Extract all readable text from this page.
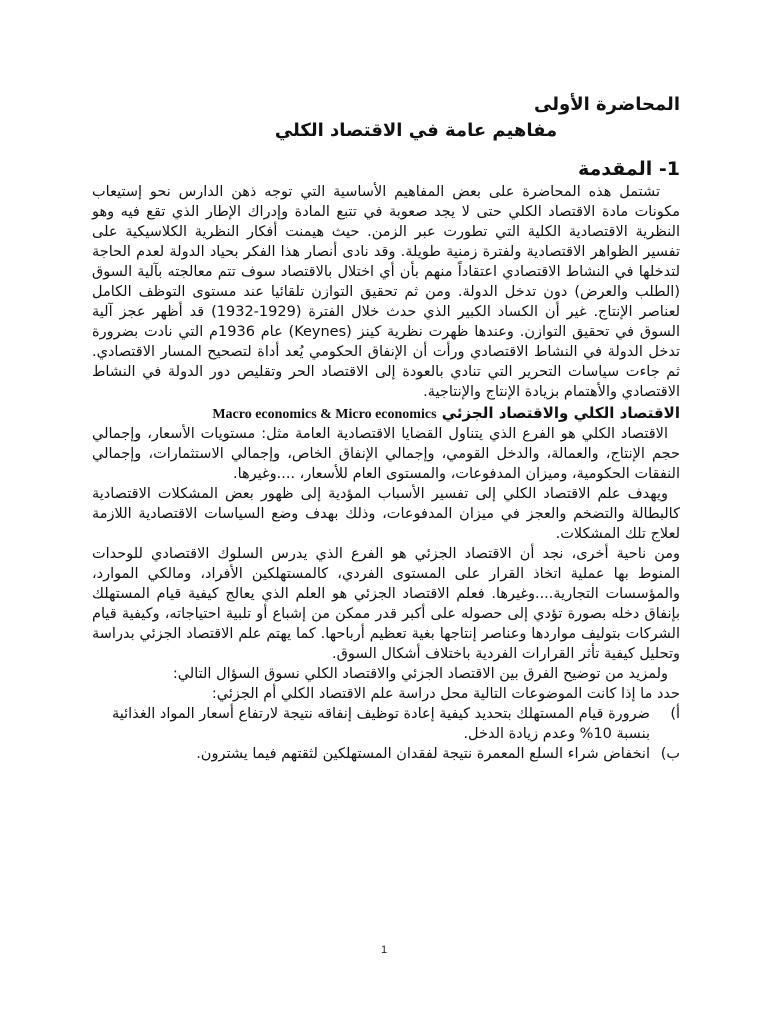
المحاضرة الأولى

مفاهيم عامة في الاقتصاد الكلي

1- المقدمة

تشتمل هذه المحاضرة على بعض المفاهيم الأساسية التي توجه ذهن الدارس نحو إستيعاب مكونات مادة الاقتصاد الكلي حتى لا يجد صعوبة في تتبع المادة وإدراك الإطار الذي تقع فيه وهو النظرية الاقتصادية الكلية التي تطورت عبر الزمن. حيث هيمنت أفكار النظرية الكلاسيكية على تفسير الظواهر الاقتصادية ولفترة زمنية طويلة. وقد نادى أنصار هذا الفكر بحياد الدولة لعدم الحاجة لتدخلها في النشاط الاقتصادي اعتقاداً منهم بأن أي اختلال بالاقتصاد سوف تتم معالجته بآلية السوق (الطلب والعرض) دون تدخل الدولة. ومن ثم تحقيق التوازن تلقائيا عند مستوى التوظف الكامل لعناصر الإنتاج. غير أن الكساد الكبير الذي حدث خلال الفترة (1929-1932) قد أظهر عجز آلية السوق في تحقيق التوازن. وعندها ظهرت نظرية كينز (Keynes) عام 1936م التي نادت بضرورة تدخل الدولة في النشاط الاقتصادي ورأت أن الإنفاق الحكومي يُعد أداة لتصحيح المسار الاقتصادي. ثم جاءت سياسات التحرير التي تنادي بالعودة إلى الاقتصاد الحر وتقليص دور الدولة في النشاط الاقتصادي والأهتمام بزيادة الإنتاج والإنتاجية.

الاقتصاد الكلي والاقتصاد الجزئي Macro economics & Micro economics

الاقتصاد الكلي هو الفرع الذي يتناول القضايا الاقتصادية العامة مثل: مستويات الأسعار، وإجمالي حجم الإنتاج، والعمالة، والدخل القومي، وإجمالي الإنفاق الخاص، وإجمالي الاستثمارات، وإجمالي النفقات الحكومية، وميزان المدفوعات، والمستوى العام للأسعار، ....وغيرها.

ويهدف علم الاقتصاد الكلي إلى تفسير الأسباب المؤدية إلى ظهور بعض المشكلات الاقتصادية كالبطالة والتضخم والعجز في ميزان المدفوعات، وذلك بهدف وضع السياسات الاقتصادية اللازمة لعلاج تلك المشكلات.

ومن ناحية أخرى، نجد أن الاقتصاد الجزئي هو الفرع الذي يدرس السلوك الاقتصادي للوحدات المنوط بها عملية اتخاذ القرار على المستوى الفردي، كالمستهلكين الأفراد، ومالكي الموارد، والمؤسسات التجارية....وغيرها. فعلم الاقتصاد الجزئي هو العلم الذي يعالج كيفية قيام المستهلك بإنفاق دخله بصورة تؤدي إلى حصوله على أكبر قدر ممكن من إشباع أو تلبية احتياجاته، وكيفية قيام الشركات بتوليف مواردها وعناصر إنتاجها بغية تعظيم أرباحها. كما يهتم علم الاقتصاد الجزئي بدراسة وتحليل كيفية تأثر القرارات الفردية باختلاف أشكال السوق.

ولمزيد من توضيح الفرق بين الاقتصاد الجزئي والاقتصاد الكلي نسوق السؤال التالي:

حدد ما إذا كانت الموضوعات التالية محل دراسة علم الاقتصاد الكلي أم الجزئي:

أ)
ضرورة قيام المستهلك بتحديد كيفية إعادة توظيف إنفاقه نتيجة لارتفاع أسعار المواد الغذائية بنسبة 10% وعدم زيادة الدخل.
ب)
انخفاض شراء السلع المعمرة نتيجة لفقدان المستهلكين لثقتهم فيما يشترون.
1
